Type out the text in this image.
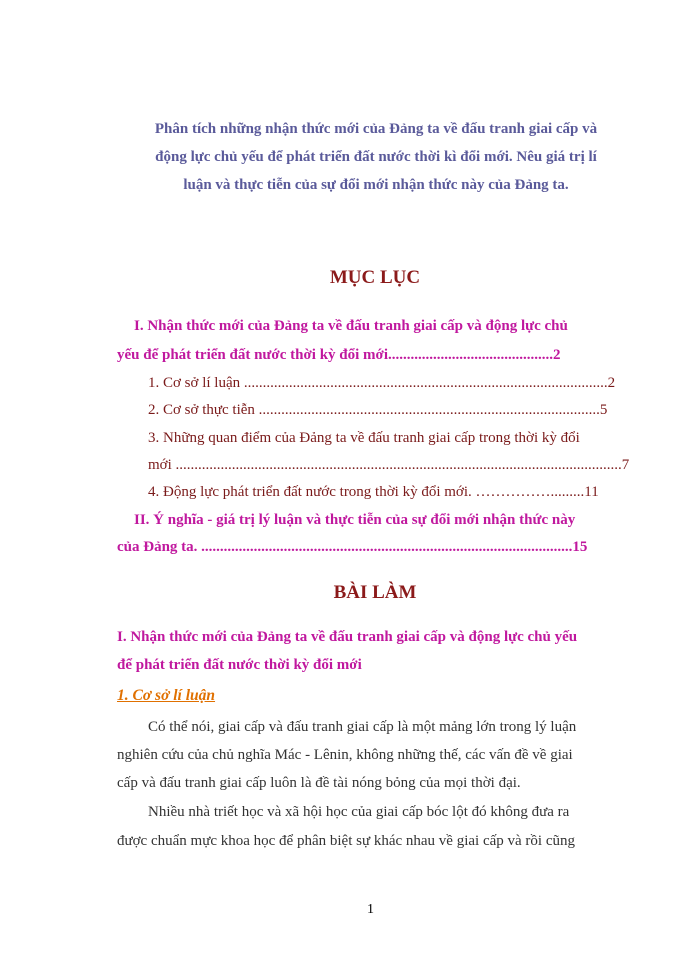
Phân tích những nhận thức mới của Đảng ta về đấu tranh giai cấp và
động lực chủ yếu để phát triển đất nước thời kì đổi mới. Nêu giá trị lí
luận và thực tiễn của sự đổi mới nhận thức này của Đảng ta.
MỤC LỤC
I. Nhận thức mới của Đảng ta về đấu tranh giai cấp và động lực chủ
yếu để phát triển đất nước thời kỳ đổi mới............................................2
1. Cơ sở lí luận .................................................................................................2
2. Cơ sở thực tiễn ...........................................................................................5
3. Những quan điểm của Đảng ta về đấu tranh giai cấp trong thời kỳ đổi
mới .......................................................................................................................7
4. Động lực phát triển đất nước trong thời kỳ đổi mới. …………….........11
II. Ý nghĩa - giá trị lý luận và thực tiễn của sự đổi mới nhận thức này
của Đảng ta. ...................................................................................................15
BÀI LÀM
I. Nhận thức mới của Đảng ta về đấu tranh giai cấp và động lực chủ yếu
để phát triển đất nước thời kỳ đổi mới
1. Cơ sở lí luận
Có thể nói, giai cấp và đấu tranh giai cấp là một mảng lớn trong lý luận
nghiên cứu của chủ nghĩa Mác - Lênin, không những thế, các vấn đề về giai
cấp và đấu tranh giai cấp luôn là đề tài nóng bỏng của mọi thời đại.
Nhiều nhà triết học và xã hội học của giai cấp bóc lột đó không đưa ra
được chuẩn mực khoa học để phân biệt sự khác nhau về giai cấp và rồi cũng
1
